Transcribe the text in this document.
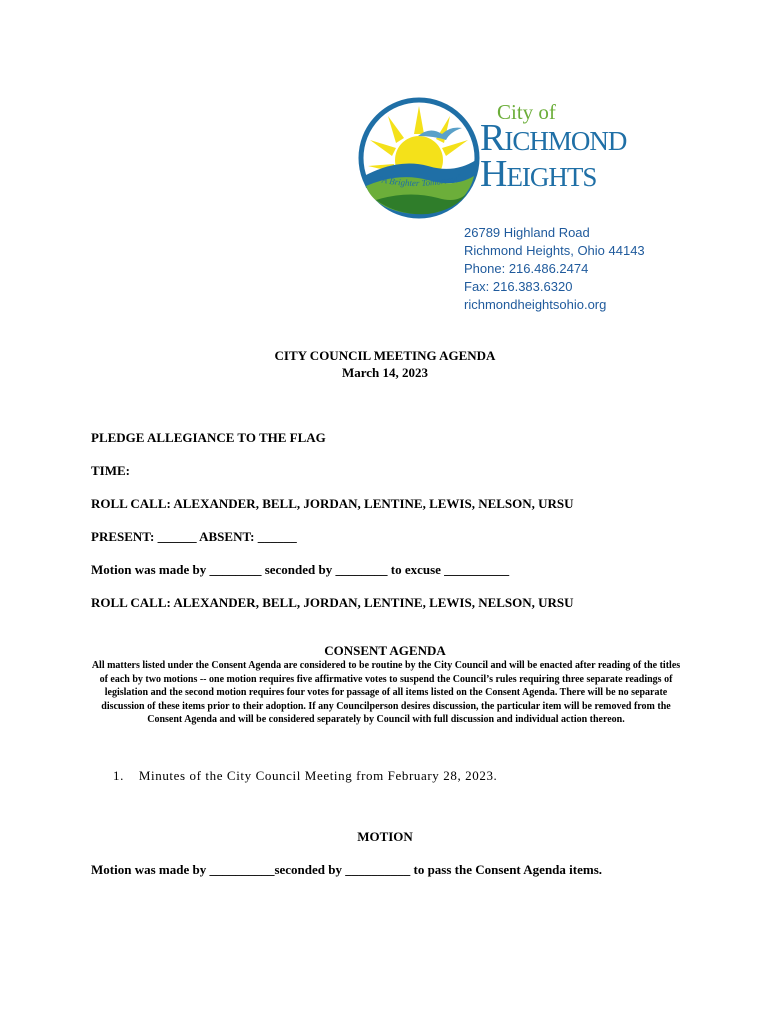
"A Brighter Tomorrow"
City of
Richmond
Heights
26789 Highland Road
Richmond Heights, Ohio 44143
Phone: 216.486.2474
Fax: 216.383.6320
richmondheightsohio.org
CITY COUNCIL MEETING AGENDA
March 14, 2023
PLEDGE ALLEGIANCE TO THE FLAG
TIME:
ROLL CALL: ALEXANDER, BELL, JORDAN, LENTINE, LEWIS, NELSON, URSU
PRESENT: ______ ABSENT: ______
Motion was made by ________ seconded by ________ to excuse __________
ROLL CALL: ALEXANDER, BELL, JORDAN, LENTINE, LEWIS, NELSON, URSU
CONSENT AGENDA
All matters listed under the Consent Agenda are considered to be routine by the City Council and will be enacted after reading of the titles of each by two motions -- one motion requires five affirmative votes to suspend the Council’s rules requiring three separate readings of legislation and the second motion requires four votes for passage of all items listed on the Consent Agenda. There will be no separate discussion of these items prior to their adoption. If any Councilperson desires discussion, the particular item will be removed from the Consent Agenda and will be considered separately by Council with full discussion and individual action thereon.
1. Minutes of the City Council Meeting from February 28, 2023.
MOTION
Motion was made by __________seconded by __________ to pass the Consent Agenda items.
